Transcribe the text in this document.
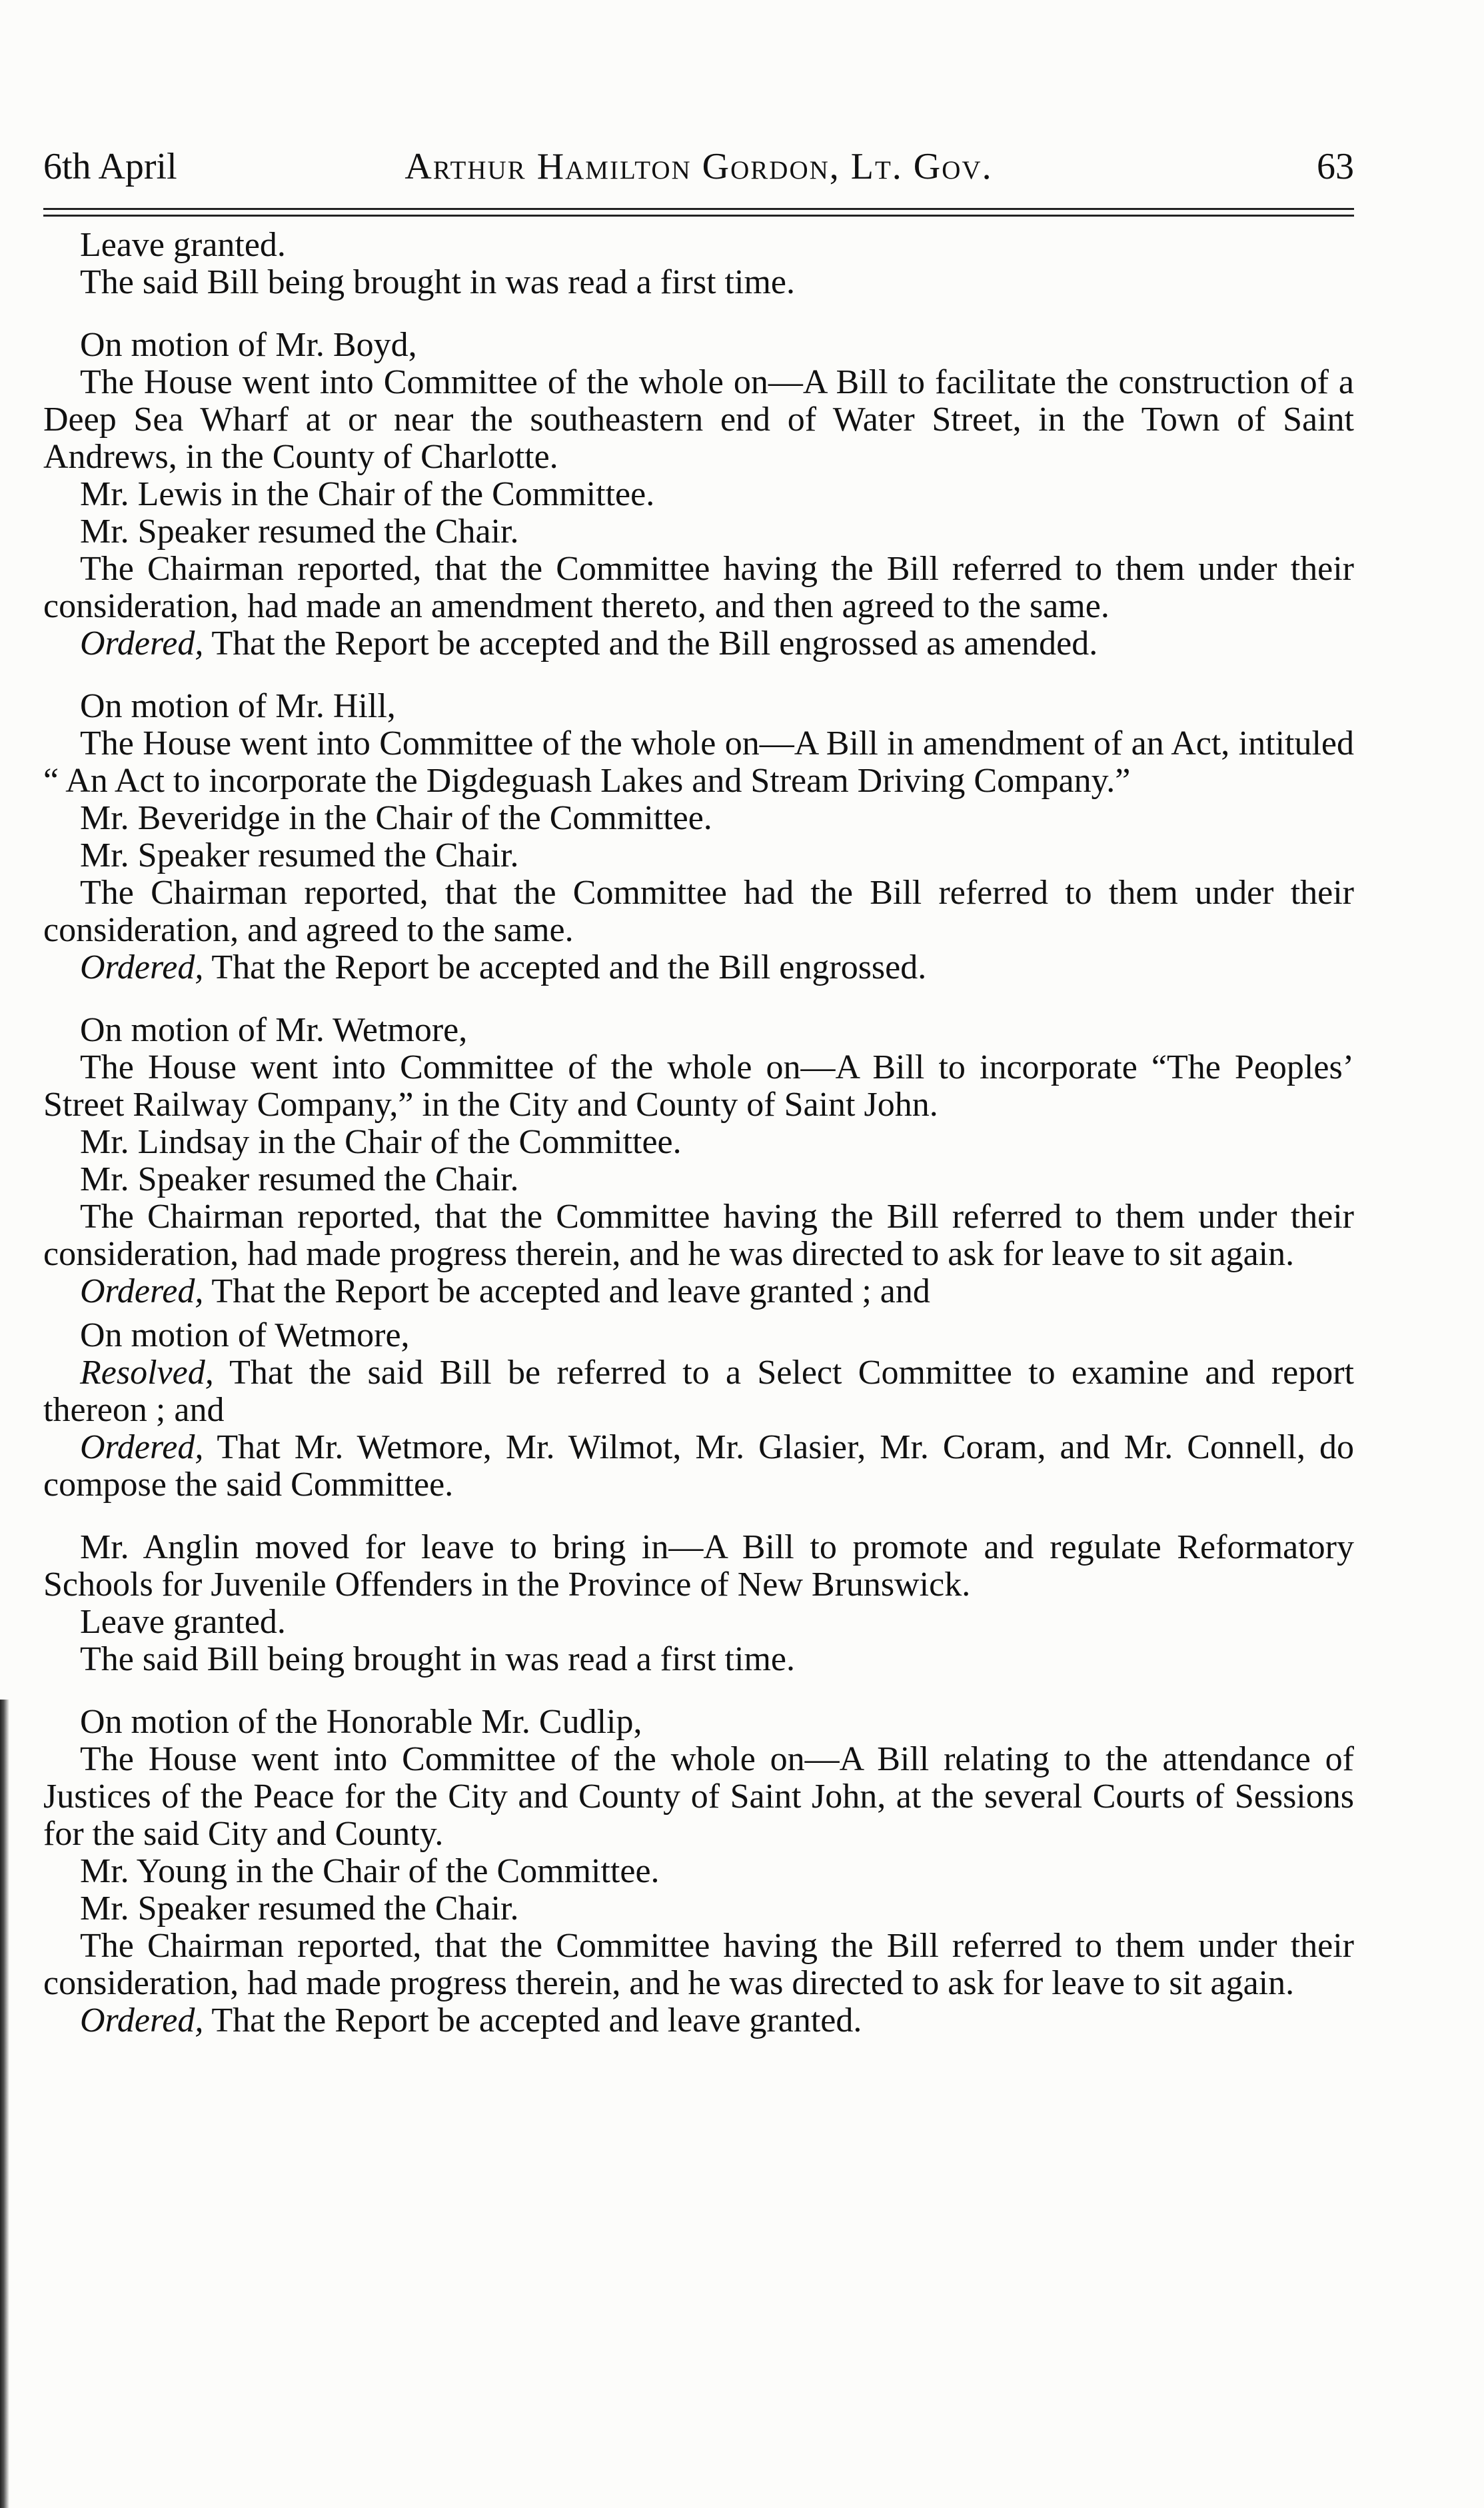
6th April	Arthur Hamilton Gordon, Lt. Gov.	63

Leave granted.

The said Bill being brought in was read a first time.

On motion of Mr. Boyd,

The House went into Committee of the whole on—A Bill to facilitate the construction of a Deep Sea Wharf at or near the southeastern end of Water Street, in the Town of Saint Andrews, in the County of Charlotte.

Mr. Lewis in the Chair of the Committee.

Mr. Speaker resumed the Chair.

The Chairman reported, that the Committee having the Bill referred to them under their consideration, had made an amendment thereto, and then agreed to the same.

Ordered, That the Report be accepted and the Bill engrossed as amended.

On motion of Mr. Hill,

The House went into Committee of the whole on—A Bill in amendment of an Act, intituled “ An Act to incorporate the Digdeguash Lakes and Stream Driving Company.”

Mr. Beveridge in the Chair of the Committee.

Mr. Speaker resumed the Chair.

The Chairman reported, that the Committee had the Bill referred to them under their consideration, and agreed to the same.

Ordered, That the Report be accepted and the Bill engrossed.

On motion of Mr. Wetmore,

The House went into Committee of the whole on—A Bill to incorporate “The Peoples’ Street Railway Company,” in the City and County of Saint John.

Mr. Lindsay in the Chair of the Committee.

Mr. Speaker resumed the Chair.

The Chairman reported, that the Committee having the Bill referred to them under their consideration, had made progress therein, and he was directed to ask for leave to sit again.

Ordered, That the Report be accepted and leave granted ; and

On motion of Wetmore,

Resolved, That the said Bill be referred to a Select Committee to examine and report thereon ; and

Ordered, That Mr. Wetmore, Mr. Wilmot, Mr. Glasier, Mr. Coram, and Mr. Connell, do compose the said Committee.

Mr. Anglin moved for leave to bring in—A Bill to promote and regulate Reformatory Schools for Juvenile Offenders in the Province of New Brunswick.

Leave granted.

The said Bill being brought in was read a first time.

On motion of the Honorable Mr. Cudlip,

The House went into Committee of the whole on—A Bill relating to the attendance of Justices of the Peace for the City and County of Saint John, at the several Courts of Sessions for the said City and County.

Mr. Young in the Chair of the Committee.

Mr. Speaker resumed the Chair.

The Chairman reported, that the Committee having the Bill referred to them under their consideration, had made progress therein, and he was directed to ask for leave to sit again.

Ordered, That the Report be accepted and leave granted.
